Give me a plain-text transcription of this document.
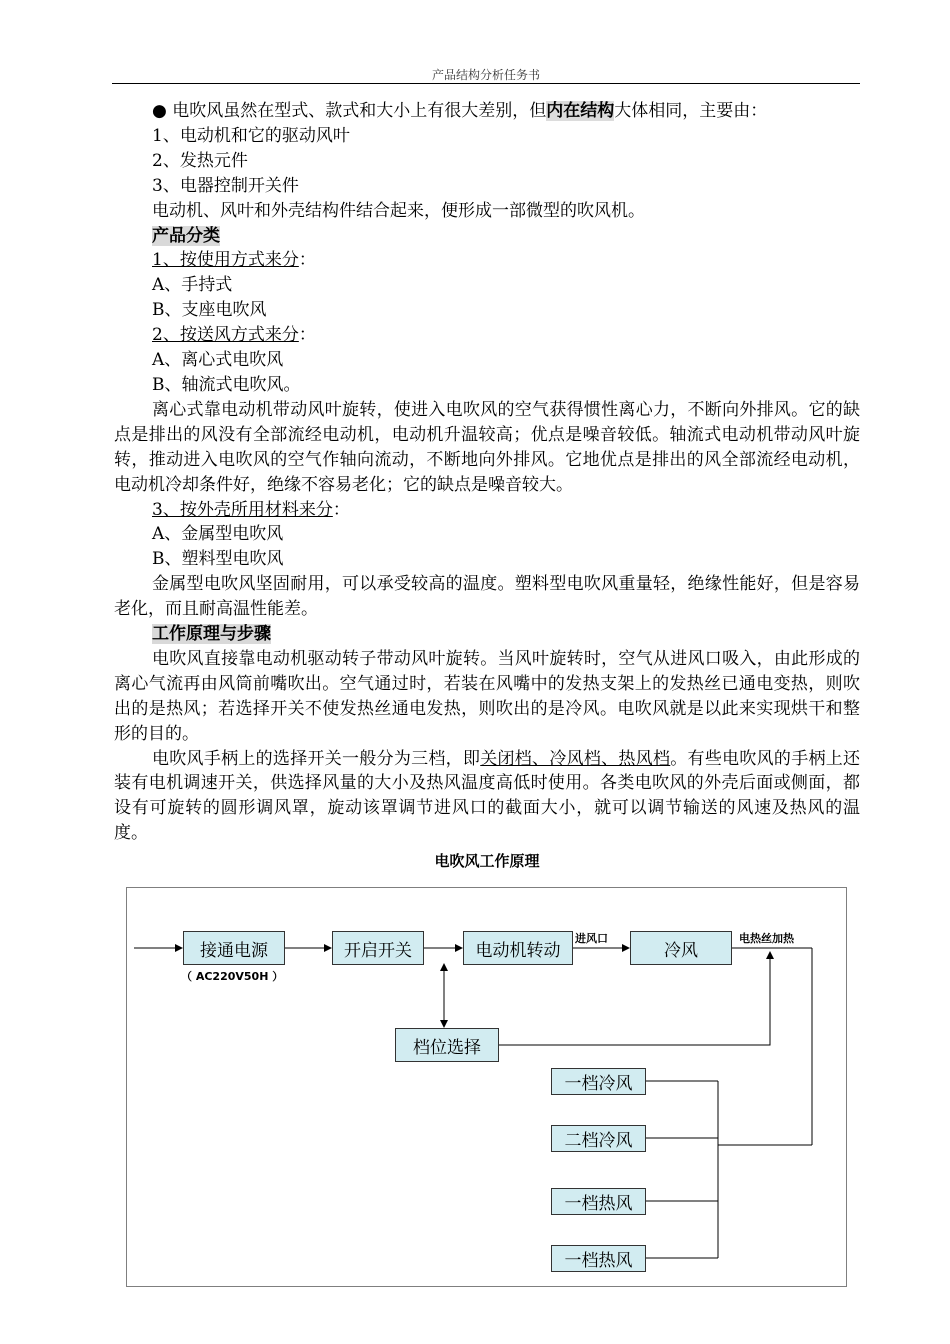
产品结构分析任务书

● 电吹风虽然在型式、款式和大小上有很大差别，但内在结构大体相同，主要由：

1、电动机和它的驱动风叶

2、发热元件

3、电器控制开关件

电动机、风叶和外壳结构件结合起来，便形成一部微型的吹风机。

产品分类

1、按使用方式来分：

A、手持式

B、支座电吹风

2、按送风方式来分：

A、离心式电吹风

B、轴流式电吹风。

离心式靠电动机带动风叶旋转，使进入电吹风的空气获得惯性离心力，不断向外排风。它的缺点是排出的风没有全部流经电动机，电动机升温较高；优点是噪音较低。轴流式电动机带动风叶旋转，推动进入电吹风的空气作轴向流动，不断地向外排风。它地优点是排出的风全部流经电动机，电动机冷却条件好，绝缘不容易老化；它的缺点是噪音较大。

3、按外壳所用材料来分：

A、金属型电吹风

B、塑料型电吹风

金属型电吹风坚固耐用，可以承受较高的温度。塑料型电吹风重量轻，绝缘性能好，但是容易老化，而且耐高温性能差。

工作原理与步骤

电吹风直接靠电动机驱动转子带动风叶旋转。当风叶旋转时，空气从进风口吸入，由此形成的离心气流再由风筒前嘴吹出。空气通过时，若装在风嘴中的发热支架上的发热丝已通电变热，则吹出的是热风；若选择开关不使发热丝通电发热，则吹出的是冷风。电吹风就是以此来实现烘干和整形的目的。

电吹风手柄上的选择开关一般分为三档，即关闭档、冷风档、热风档。有些电吹风的手柄上还装有电机调速开关，供选择风量的大小及热风温度高低时使用。各类电吹风的外壳后面或侧面，都设有可旋转的圆形调风罩，旋动该罩调节进风口的截面大小，就可以调节输送的风速及热风的温度。

电吹风工作原理
接通电源
（ AC220V50H ）
开启开关	电动机转动
进风口
冷风
电热丝加热
档位选择
一档冷风
二档冷风
一档热风
一档热风
